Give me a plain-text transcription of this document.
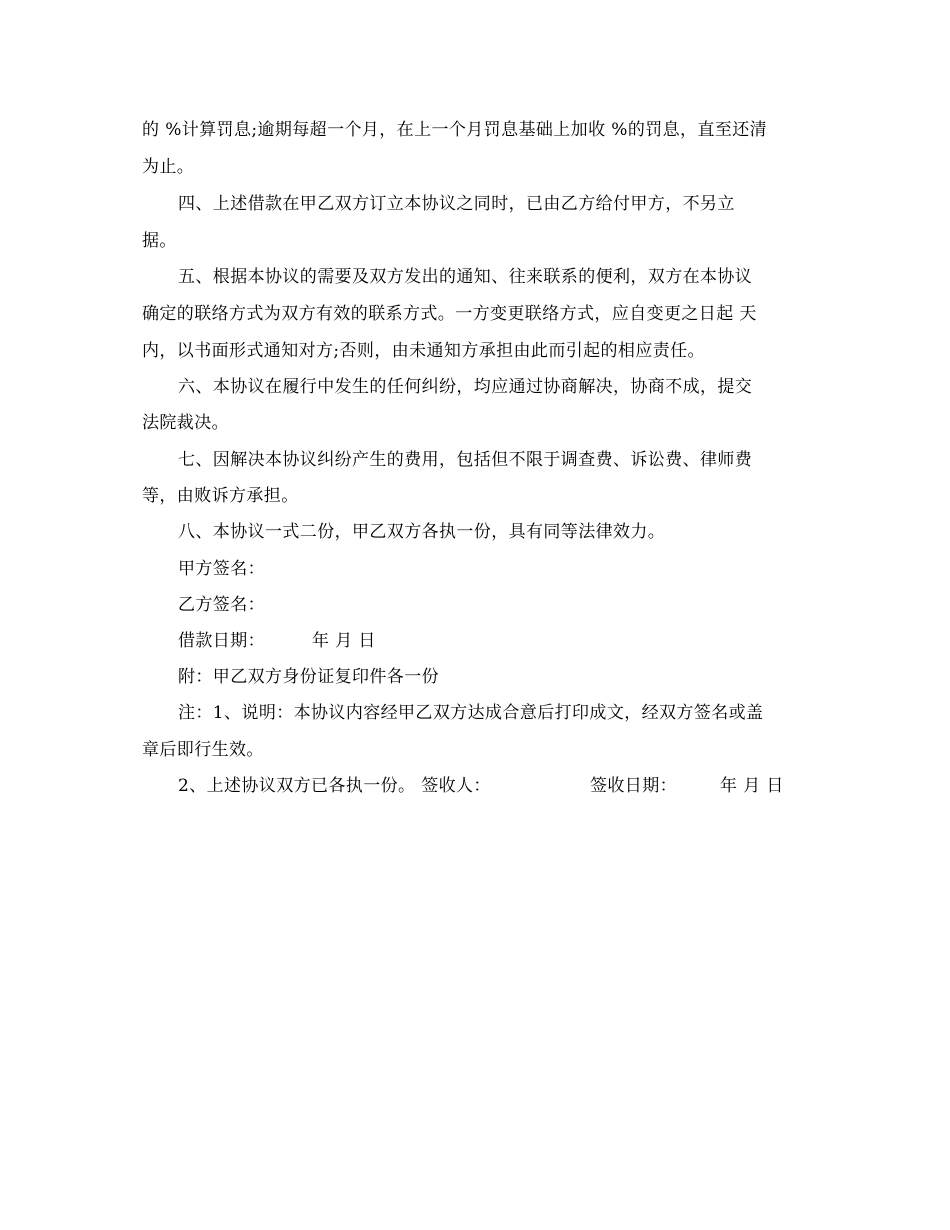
的 %计算罚息;逾期每超一个月，在上一个月罚息基础上加收 %的罚息，直至还清
为止。
四、上述借款在甲乙双方订立本协议之同时，已由乙方给付甲方，不另立
据。
五、根据本协议的需要及双方发出的通知、往来联系的便利，双方在本协议
确定的联络方式为双方有效的联系方式。一方变更联络方式，应自变更之日起 天
内，以书面形式通知对方;否则，由未通知方承担由此而引起的相应责任。
六、本协议在履行中发生的任何纠纷，均应通过协商解决，协商不成，提交
法院裁决。
七、因解决本协议纠纷产生的费用，包括但不限于调查费、诉讼费、律师费
等，由败诉方承担。
八、本协议一式二份，甲乙双方各执一份，具有同等法律效力。
甲方签名：
乙方签名：
借款日期：	年 月 日
附：甲乙双方身份证复印件各一份
注：1、说明：本协议内容经甲乙双方达成合意后打印成文，经双方签名或盖
章后即行生效。
2、上述协议双方已各执一份。 签收人：	签收日期：	年 月 日
